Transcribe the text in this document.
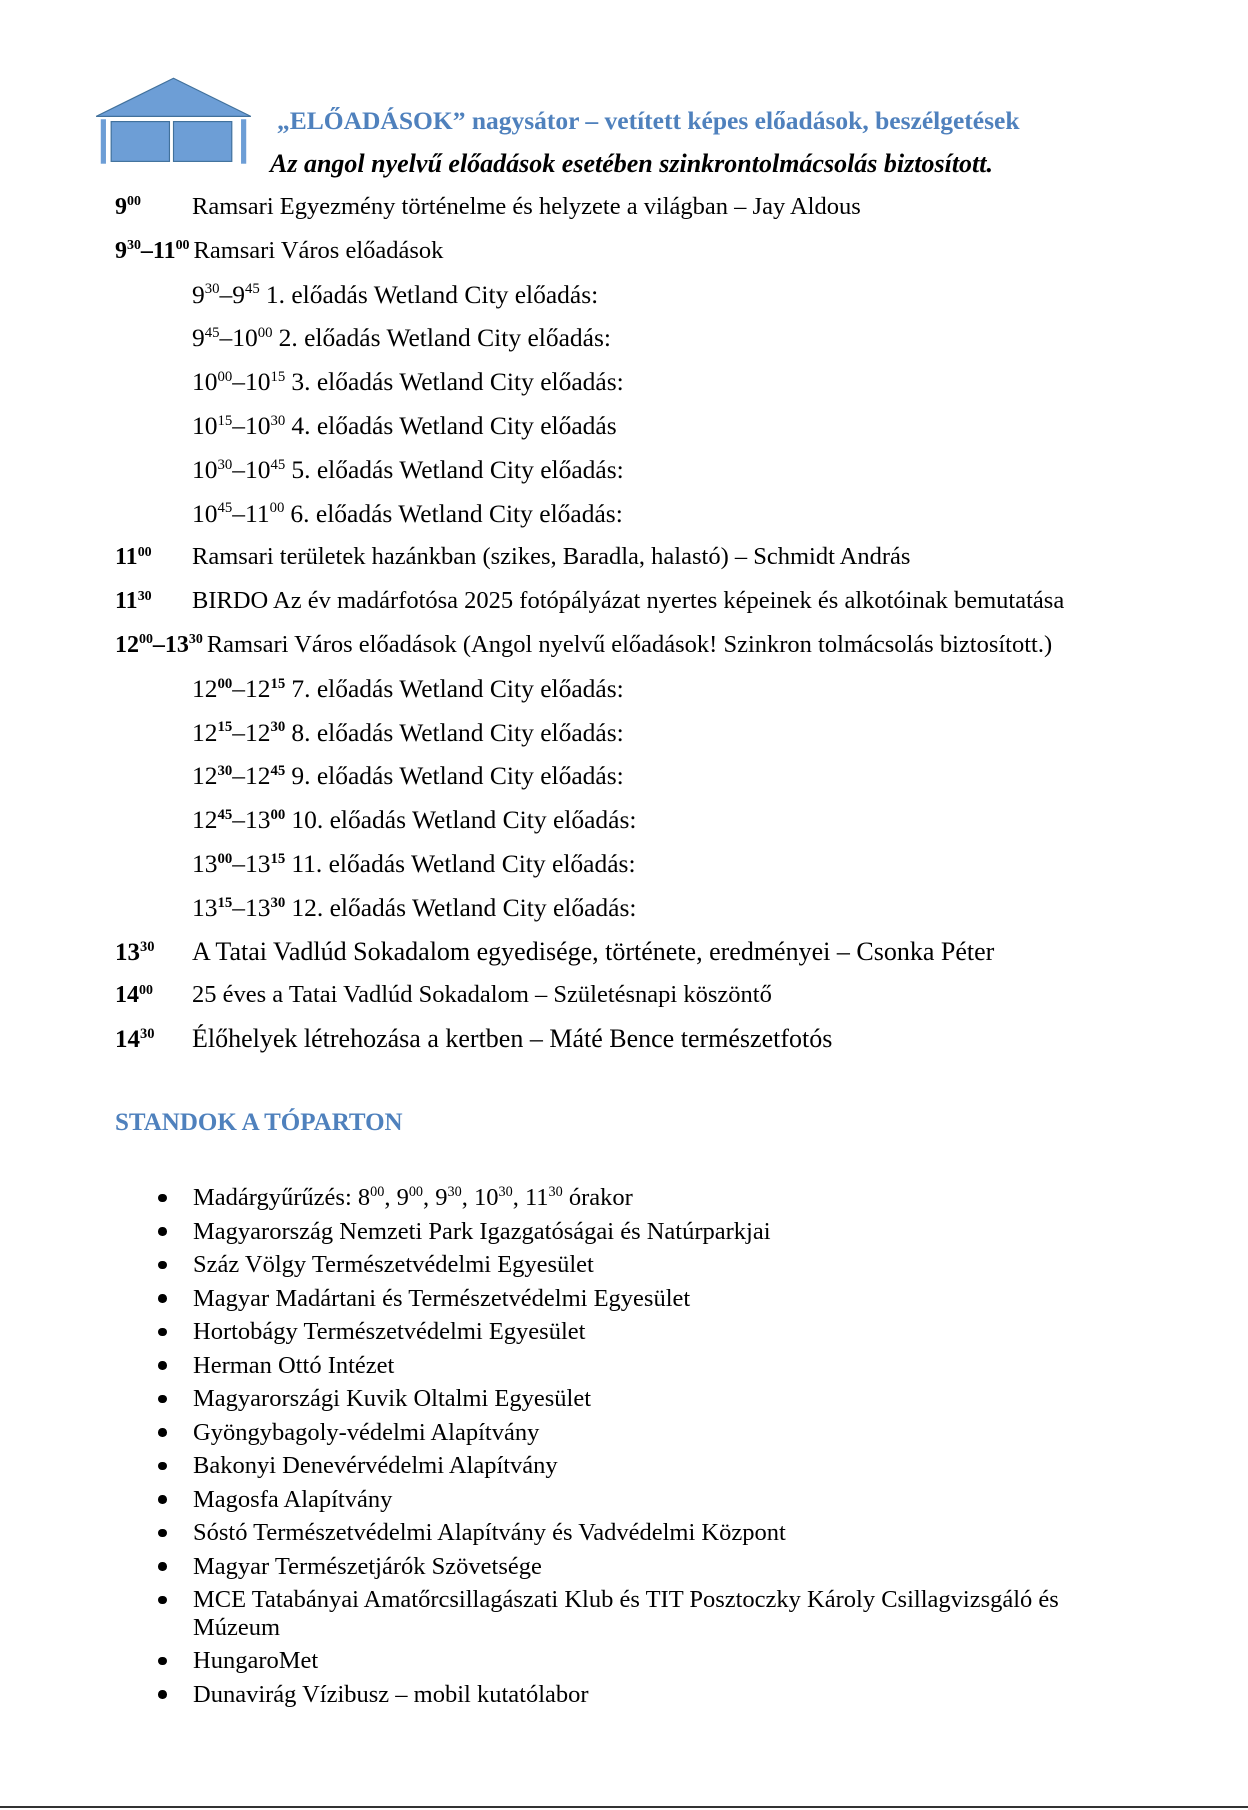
„ELŐADÁSOK” nagysátor – vetített képes előadások, beszélgetések
Az angol nyelvű előadások esetében szinkrontolmácsolás biztosított.
$9^{00}$ Ramsari Egyezmény történelme és helyzete a világban – Jay Aldous
$9^{30}-11^{00}$ Ramsari Város előadások
$9^{30}-9^{45}$ 1. előadás Wetland City előadás:
$9^{45}-10^{00}$ 2. előadás Wetland City előadás:
$10^{00}-10^{15}$ 3. előadás Wetland City előadás:
$10^{15}-10^{30}$ 4. előadás Wetland City előadás
$10^{30}-10^{45}$ 5. előadás Wetland City előadás:
$10^{45}-11^{00}$ 6. előadás Wetland City előadás:
$11^{00}$ Ramsari területek hazánkban (szikes, Baradla, halastó) – Schmidt András
$11^{30}$ BIRDO Az év madárfotósa 2025 fotópályázat nyertes képeinek és alkotóinak bemutatása
$12^{00}-13^{30}$ Ramsari Város előadások (Angol nyelvű előadások! Szinkron tolmácsolás biztosított.)
$12^{00}-12^{15}$ 7. előadás Wetland City előadás:
$12^{15}-12^{30}$ 8. előadás Wetland City előadás:
$12^{30}-12^{45}$ 9. előadás Wetland City előadás:
$12^{45}-13^{00}$ 10. előadás Wetland City előadás:
$13^{00}-13^{15}$ 11. előadás Wetland City előadás:
$13^{15}-13^{30}$ 12. előadás Wetland City előadás:
$13^{30}$ A Tatai Vadlúd Sokadalom egyedisége, története, eredményei – Csonka Péter
$14^{00}$ 25 éves a Tatai Vadlúd Sokadalom – Születésnapi köszöntő
$14^{30}$ Élőhelyek létrehozása a kertben – Máté Bence természetfotós
STANDOK A TÓPARTON
Madárgyűrűzés: $8^{00}$, $9^{00}$, $9^{30}$, $10^{30}$, $11^{30}$ órakor
Magyarország Nemzeti Park Igazgatóságai és Natúrparkjai
Száz Völgy Természetvédelmi Egyesület
Magyar Madártani és Természetvédelmi Egyesület
Hortobágy Természetvédelmi Egyesület
Herman Ottó Intézet
Magyarországi Kuvik Oltalmi Egyesület
Gyöngybagoly-védelmi Alapítvány
Bakonyi Denevérvédelmi Alapítvány
Magosfa Alapítvány
Sóstó Természetvédelmi Alapítvány és Vadvédelmi Központ
Magyar Természetjárók Szövetsége
MCE Tatabányai Amatőrcsillagászati Klub és TIT Posztoczky Károly Csillagvizsgáló és Múzeum
HungaroMet
Dunavirág Vízibusz – mobil kutatólabor
